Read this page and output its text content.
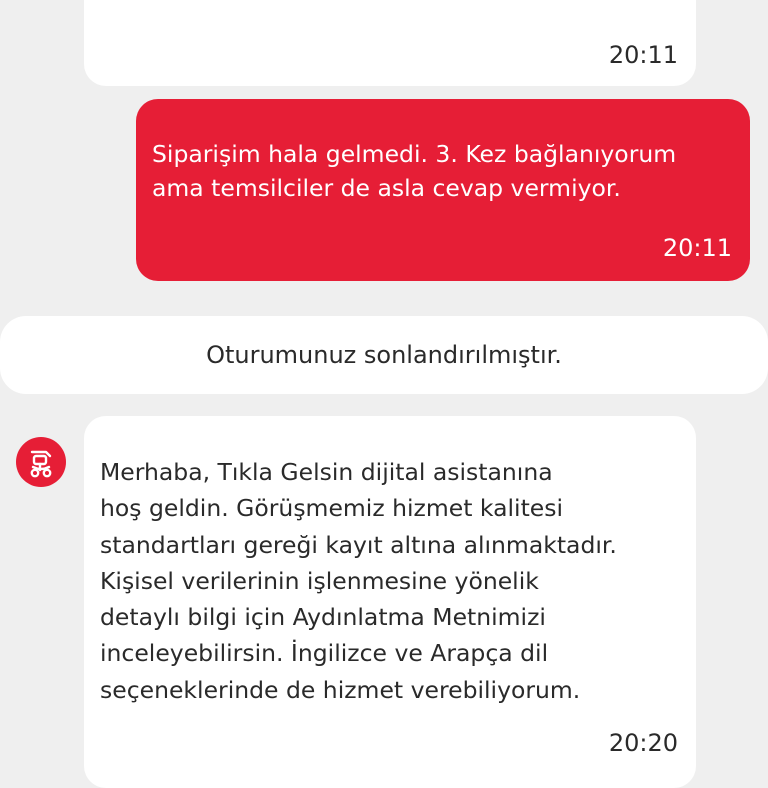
20:11
Siparişim hala gelmedi. 3. Kez bağlanıyorum
ama temsilciler de asla cevap vermiyor.
20:11
Oturumunuz sonlandırılmıştır.
Merhaba, Tıkla Gelsin dijital asistanına
hoş geldin. Görüşmemiz hizmet kalitesi
standartları gereği kayıt altına alınmaktadır.
Kişisel verilerinin işlenmesine yönelik
detaylı bilgi için Aydınlatma Metnimizi
inceleyebilirsin. İngilizce ve Arapça dil
seçeneklerinde de hizmet verebiliyorum.
20:20
